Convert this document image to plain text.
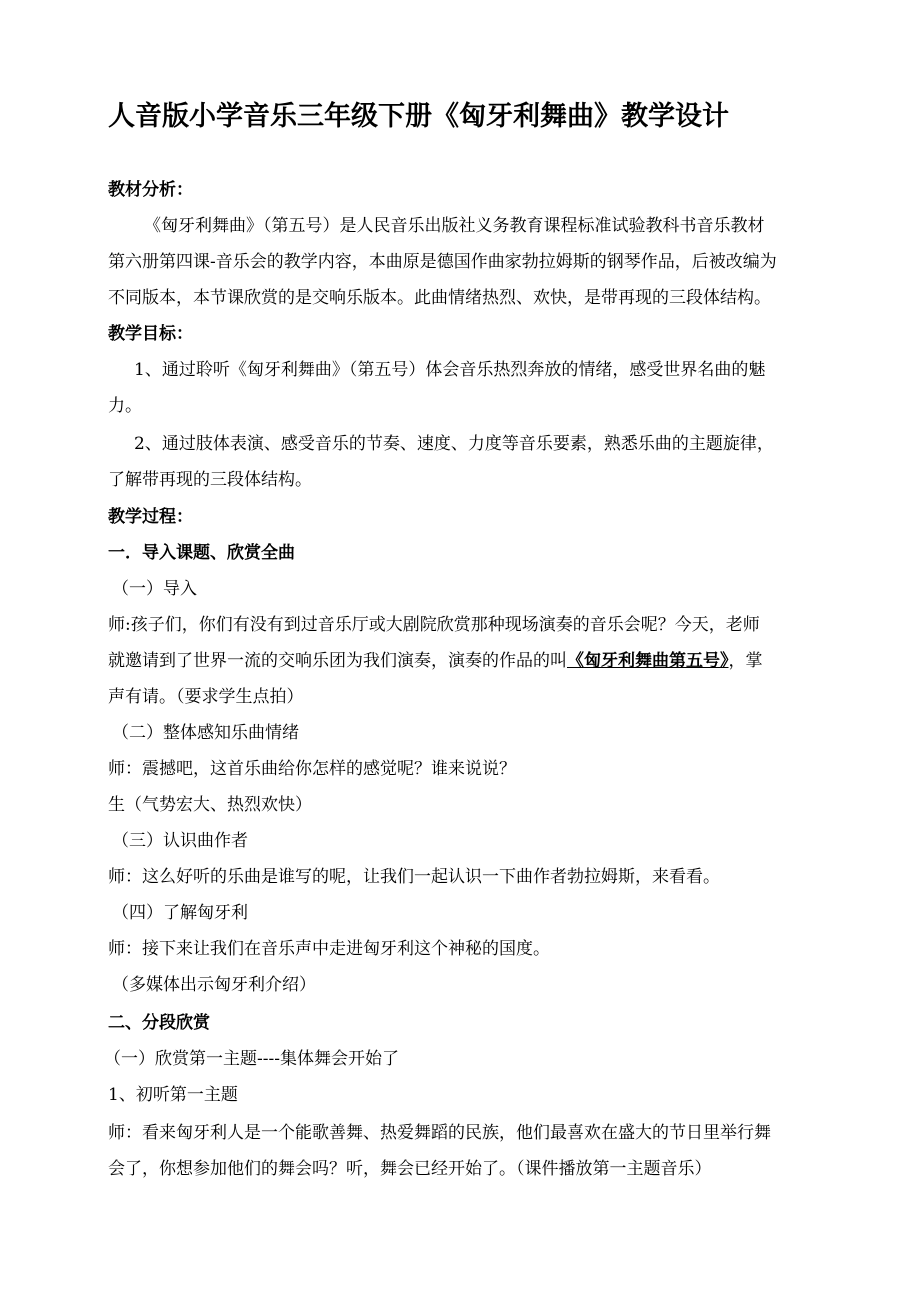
人音版小学音乐三年级下册《匈牙利舞曲》教学设计
教材分析：
《匈牙利舞曲》（第五号）是人民音乐出版社义务教育课程标准试验教科书音乐教材
第六册第四课-音乐会的教学内容，本曲原是德国作曲家勃拉姆斯的钢琴作品，后被改编为
不同版本，本节课欣赏的是交响乐版本。此曲情绪热烈、欢快，是带再现的三段体结构。
教学目标：
1、通过聆听《匈牙利舞曲》（第五号）体会音乐热烈奔放的情绪，感受世界名曲的魅
力。
2、通过肢体表演、感受音乐的节奏、速度、力度等音乐要素，熟悉乐曲的主题旋律，
了解带再现的三段体结构。
教学过程：
一．导入课题、欣赏全曲
（一）导入
师:孩子们，你们有没有到过音乐厅或大剧院欣赏那种现场演奏的音乐会呢？今天，老师
就邀请到了世界一流的交响乐团为我们演奏，演奏的作品的叫《匈牙利舞曲第五号》，掌
声有请。（要求学生点拍）
（二）整体感知乐曲情绪
师：震撼吧，这首乐曲给你怎样的感觉呢？谁来说说？
生（气势宏大、热烈欢快）
（三）认识曲作者
师：这么好听的乐曲是谁写的呢，让我们一起认识一下曲作者勃拉姆斯，来看看。
（四）了解匈牙利
师：接下来让我们在音乐声中走进匈牙利这个神秘的国度。
（多媒体出示匈牙利介绍）
二、分段欣赏
（一）欣赏第一主题----集体舞会开始了
1、初听第一主题
师：看来匈牙利人是一个能歌善舞、热爱舞蹈的民族，他们最喜欢在盛大的节日里举行舞
会了，你想参加他们的舞会吗？听，舞会已经开始了。（课件播放第一主题音乐）
